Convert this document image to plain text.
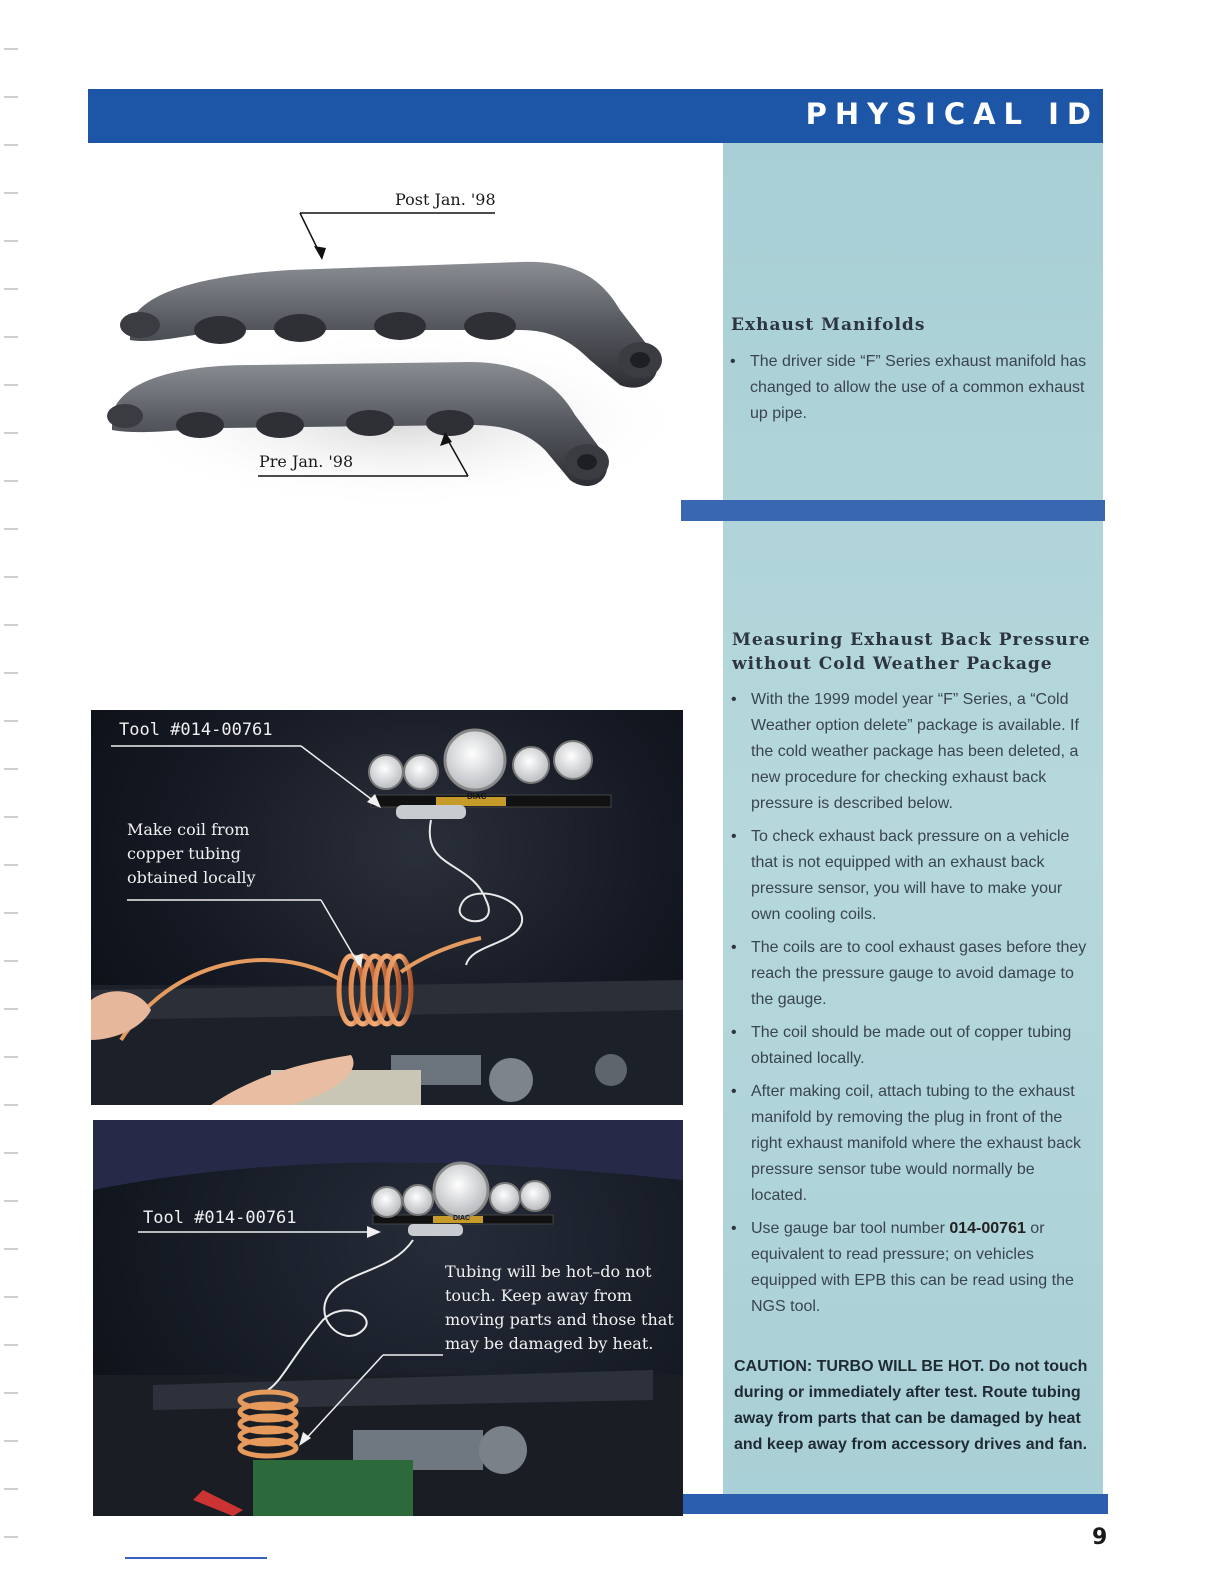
PHYSICAL ID
Post Jan. '98
Pre Jan. '98
Exhaust Manifolds
• The driver side “F” Series exhaust manifold has changed to allow the use of a common exhaust up pipe.
Measuring Exhaust Back Pressure
without Cold Weather Package
• With the 1999 model year “F” Series, a “Cold Weather option delete” package is available. If the cold weather package has been deleted, a new procedure for checking exhaust back pressure is described below.
• To check exhaust back pressure on a vehicle that is not equipped with an exhaust back pressure sensor, you will have to make your own cooling coils.
• The coils are to cool exhaust gases before they reach the pressure gauge to avoid damage to the gauge.
• The coil should be made out of copper tubing obtained locally.
• After making coil, attach tubing to the exhaust manifold by removing the plug in front of the right exhaust manifold where the exhaust back pressure sensor tube would normally be located.
• Use gauge bar tool number 014-00761 or equivalent to read pressure; on vehicles equipped with EPB this can be read using the NGS tool.
CAUTION: TURBO WILL BE HOT. Do not touch during or immediately after test. Route tubing away from parts that can be damaged by heat and keep away from accessory drives and fan.
Tool #014-00761
Make coil from
copper tubing
obtained locally
DIAC
Tool #014-00761
Tubing will be hot–do not
touch. Keep away from
moving parts and those that
may be damaged by heat.
DIAC
9
